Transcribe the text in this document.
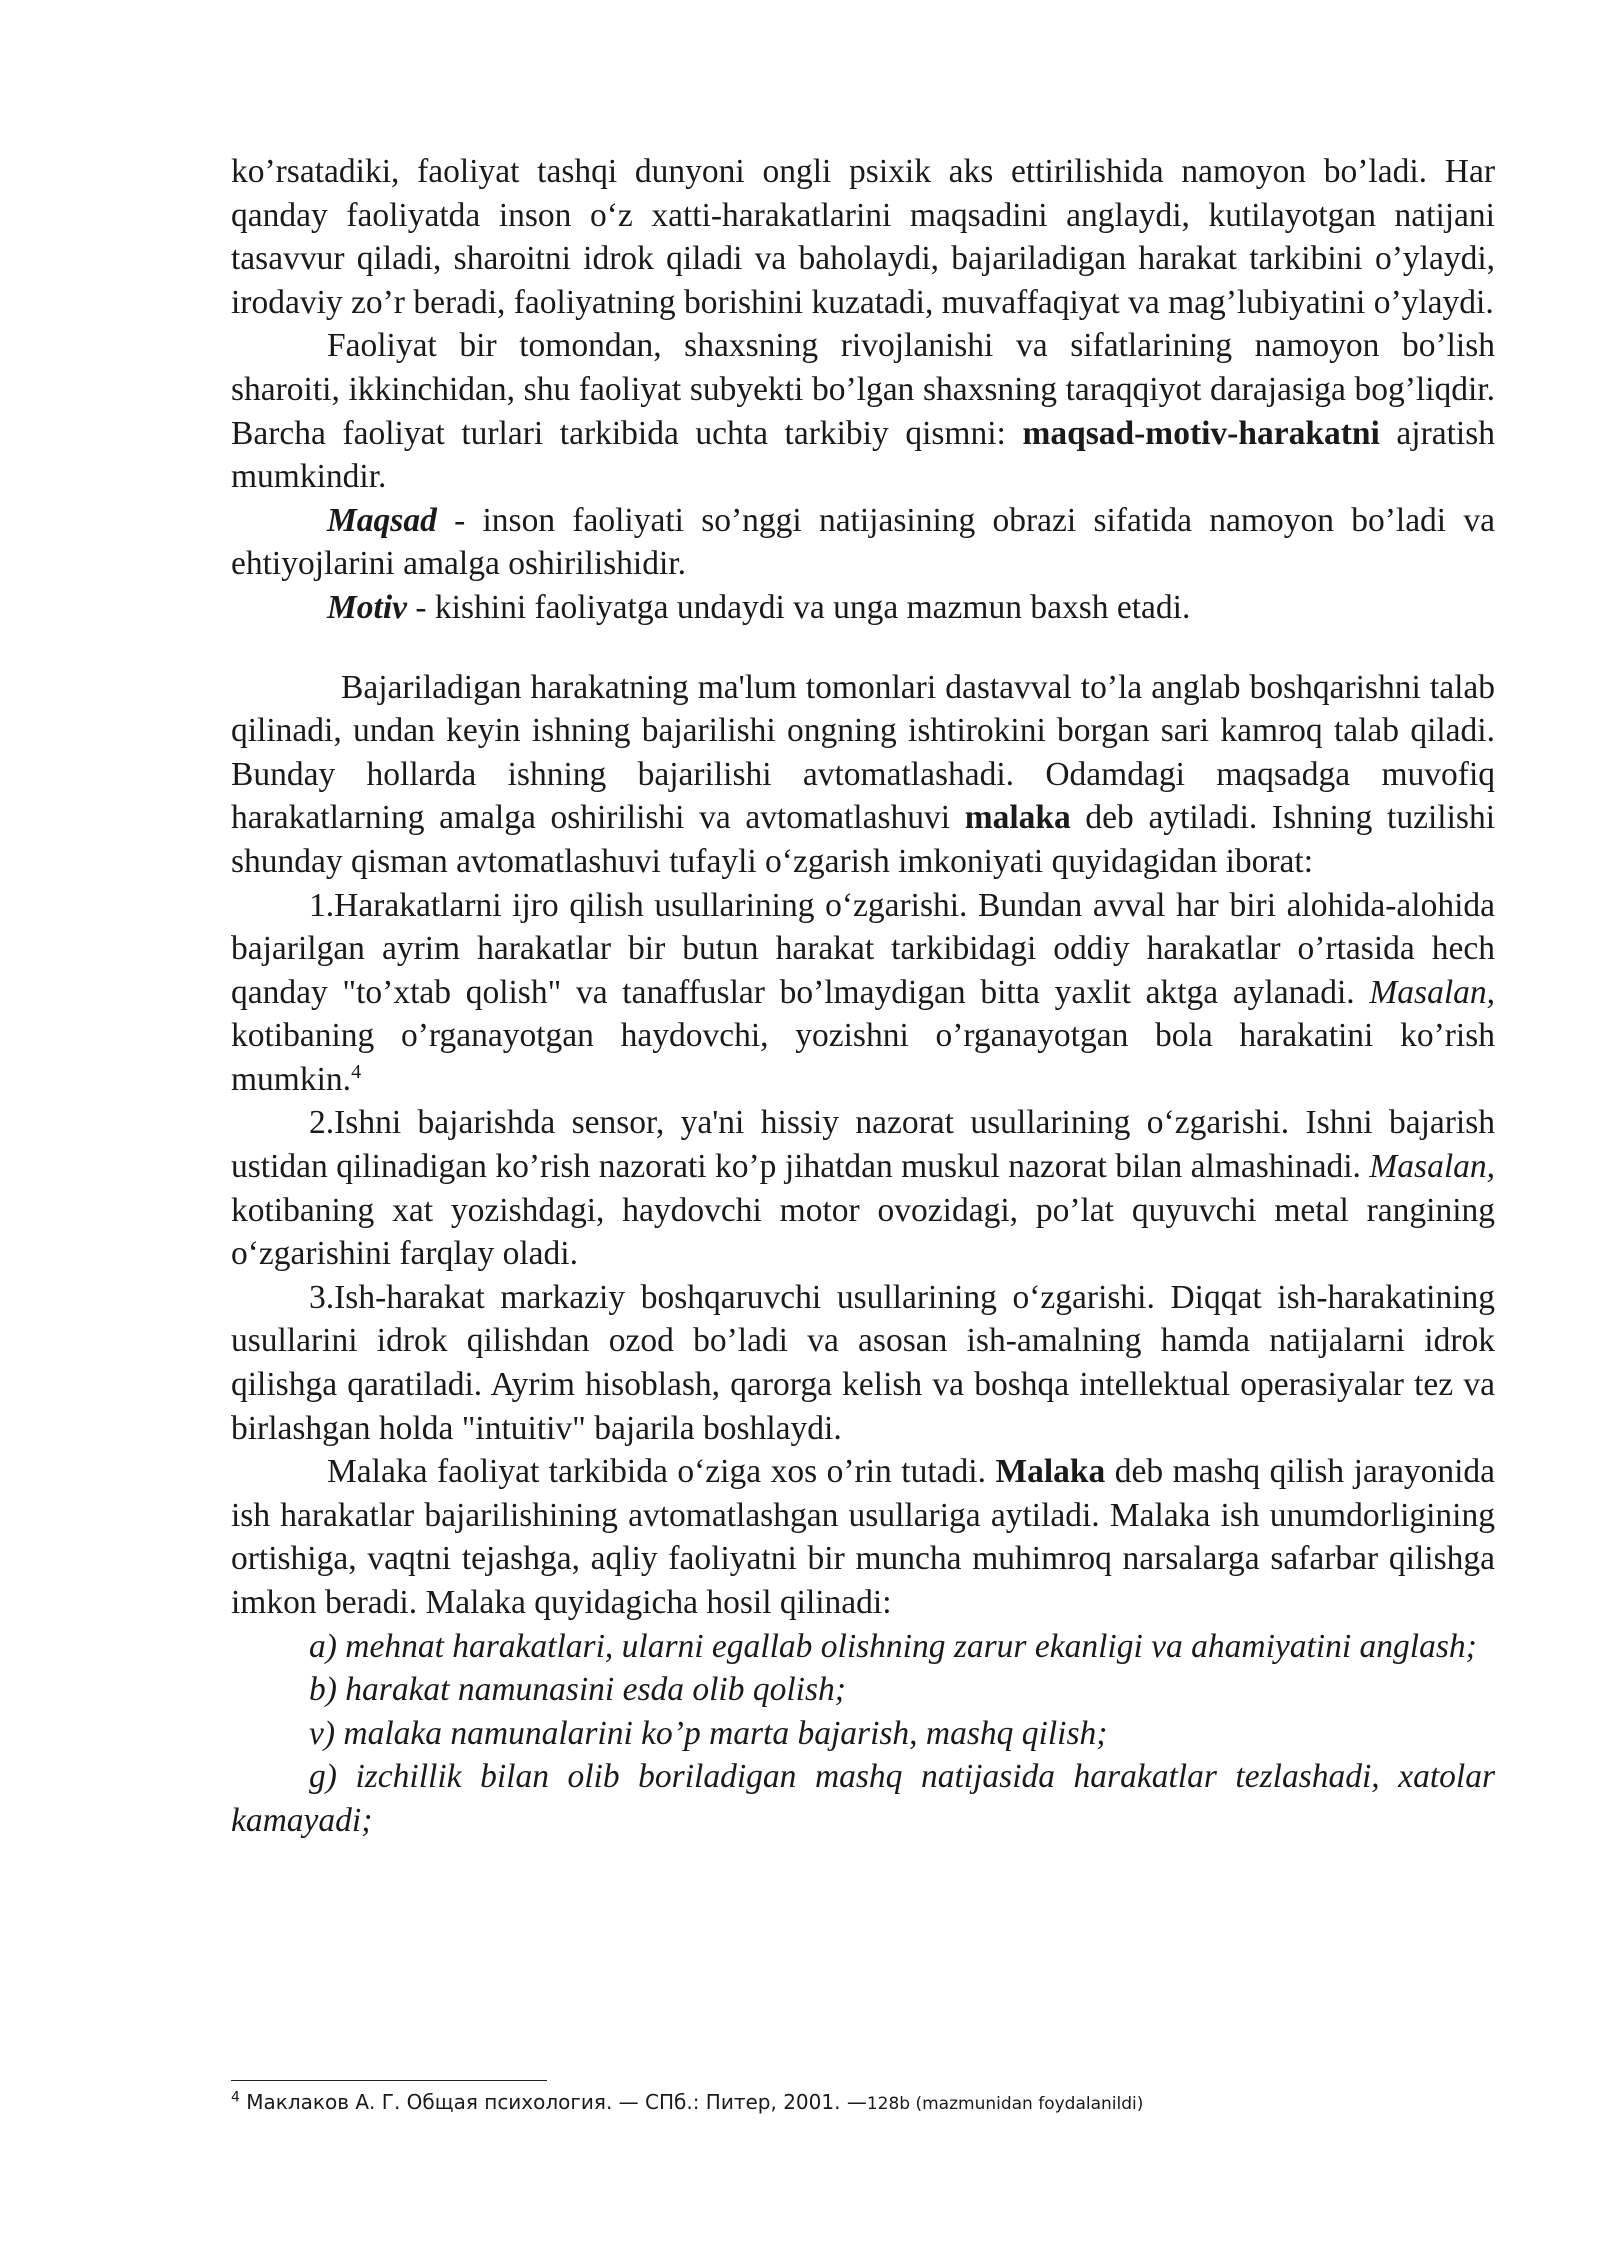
ko’rsatadiki, faoliyat tashqi dunyoni ongli psixik aks ettirilishida namoyon bo’ladi. Har qanday faoliyatda inson oʻz xatti-harakatlarini maqsadini anglaydi, kutilayotgan natijani tasavvur qiladi, sharoitni idrok qiladi va baholaydi, bajariladigan harakat tarkibini o’ylaydi, irodaviy zo’r beradi, faoliyatning borishini kuzatadi, muvaffaqiyat va mag’lubiyatini o’ylaydi.

Faoliyat bir tomondan, shaxsning rivojlanishi va sifatlarining namoyon bo’lish sharoiti, ikkinchidan, shu faoliyat subyekti bo’lgan shaxsning taraqqiyot darajasiga bog’liqdir. Barcha faoliyat turlari tarkibida uchta tarkibiy qismni: maqsad-motiv-harakatni ajratish mumkindir.

Maqsad - inson faoliyati so’nggi natijasining obrazi sifatida namoyon bo’ladi va ehtiyojlarini amalga oshirilishidir.

Motiv - kishini faoliyatga undaydi va unga mazmun baxsh etadi.

Bajariladigan harakatning ma'lum tomonlari dastavval to’la anglab boshqarishni talab qilinadi, undan keyin ishning bajarilishi ongning ishtirokini borgan sari kamroq talab qiladi. Bunday hollarda ishning bajarilishi avtomatlashadi. Odamdagi maqsadga muvofiq harakatlarning amalga oshirilishi va avtomatlashuvi malaka deb aytiladi. Ishning tuzilishi shunday qisman avtomatlashuvi tufayli oʻzgarish imkoniyati quyidagidan iborat:

1.Harakatlarni ijro qilish usullarining oʻzgarishi. Bundan avval har biri alohida-alohida bajarilgan ayrim harakatlar bir butun harakat tarkibidagi oddiy harakatlar o’rtasida hech qanday "to’xtab qolish" va tanaffuslar bo’lmaydigan bitta yaxlit aktga aylanadi. Masalan, kotibaning o’rganayotgan haydovchi, yozishni o’rganayotgan bola harakatini ko’rish mumkin.$^4$

2.Ishni bajarishda sensor, ya'ni hissiy nazorat usullarining oʻzgarishi. Ishni bajarish ustidan qilinadigan ko’rish nazorati ko’p jihatdan muskul nazorat bilan almashinadi. Masalan, kotibaning xat yozishdagi, haydovchi motor ovozidagi, po’lat quyuvchi metal rangining oʻzgarishini farqlay oladi.

3.Ish-harakat markaziy boshqaruvchi usullarining oʻzgarishi. Diqqat ish-harakatining usullarini idrok qilishdan ozod bo’ladi va asosan ish-amalning hamda natijalarni idrok qilishga qaratiladi. Ayrim hisoblash, qarorga kelish va boshqa intellektual operasiyalar tez va birlashgan holda "intuitiv" bajarila boshlaydi.

Malaka faoliyat tarkibida oʻziga xos o’rin tutadi. Malaka deb mashq qilish jarayonida ish harakatlar bajarilishining avtomatlashgan usullariga aytiladi. Malaka ish unumdorligining ortishiga, vaqtni tejashga, aqliy faoliyatni bir muncha muhimroq narsalarga safarbar qilishga imkon beradi. Malaka quyidagicha hosil qilinadi:

a) mehnat harakatlari, ularni egallab olishning zarur ekanligi va ahamiyatini anglash;

b) harakat namunasini esda olib qolish;

v) malaka namunalarini ko’p marta bajarish, mashq qilish;

g) izchillik bilan olib boriladigan mashq natijasida harakatlar tezlashadi, xatolar kamayadi;

$^4$ Маклаков А. Г. Общая психология. — СПб.: Питер, 2001. —128b (mazmunidan foydalanildi)
